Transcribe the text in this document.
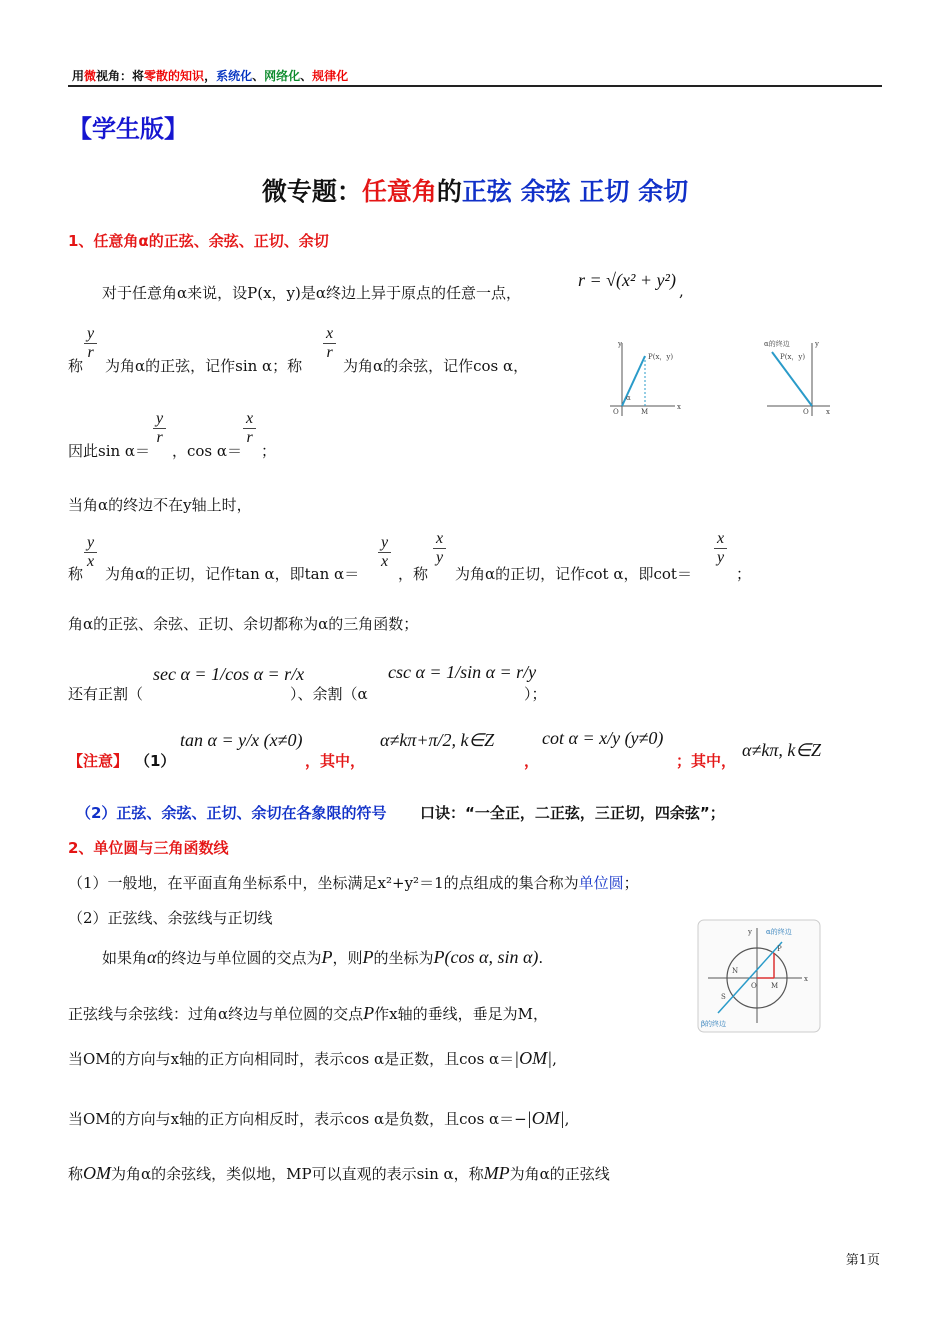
用微视角：将零散的知识，系统化、网络化、规律化
【学生版】
微专题：任意角的正弦 余弦 正切 余切
1、任意角α的正弦、余弦、正切、余切
对于任意角α来说，设P(x，y)是α终边上异于原点的任意一点，
r = √(x² + y²)
,
$\frac{y}{r}$
称 为角α的正弦，记作sin α；称
$\frac{x}{r}$
为角α的余弦，记作cos α，
$\frac{y}{r}$	$\frac{x}{r}$
因此sin α＝ ，cos α＝ ；
当角α的终边不在y轴上时，
$\frac{y}{x}$
称 为角α的正切，记作tan α，即tan α＝
$\frac{y}{x}$
，称
$\frac{x}{y}$
为角α的正切，记作cot α，即cot＝
$\frac{x}{y}$
；
角α的正弦、余弦、正切、余切都称为α的三角函数；
还有正割（
sec α = 1/cos α = r/x
）、余割（α
csc α = 1/sin α = r/y
）；
【注意】 （1）
tan α = y/x (x≠0)
，其中，
α≠kπ+π/2, k∈Z
，
cot α = x/y (y≠0)
；其中，
α≠kπ, k∈Z
（2）正弦、余弦、正切、余切在各象限的符号 口诀：“一全正，二正弦，三正切，四余弦”；
2、单位圆与三角函数线
（1）一般地，在平面直角坐标系中，坐标满足x²+y²＝1的点组成的集合称为单位圆；
（2）正弦线、余弦线与正切线
如果角α的终边与单位圆的交点为P，则P的坐标为P(cos α, sin α).
正弦线与余弦线：过角α终边与单位圆的交点P作x轴的垂线，垂足为M，
当OM的方向与x轴的正方向相同时，表示cos α是正数，且cos α＝|OM|,
当OM的方向与x轴的正方向相反时，表示cos α是负数，且cos α＝−|OM|,
称OM为角α的余弦线，类似地，MP可以直观的表示sin α，称MP为角α的正弦线
P(x，y)
O	M
α
x
y	α的终边
P(x，y)
O x
y
α的终边
β的终边
P
N
O M
S
x
y
第1页
